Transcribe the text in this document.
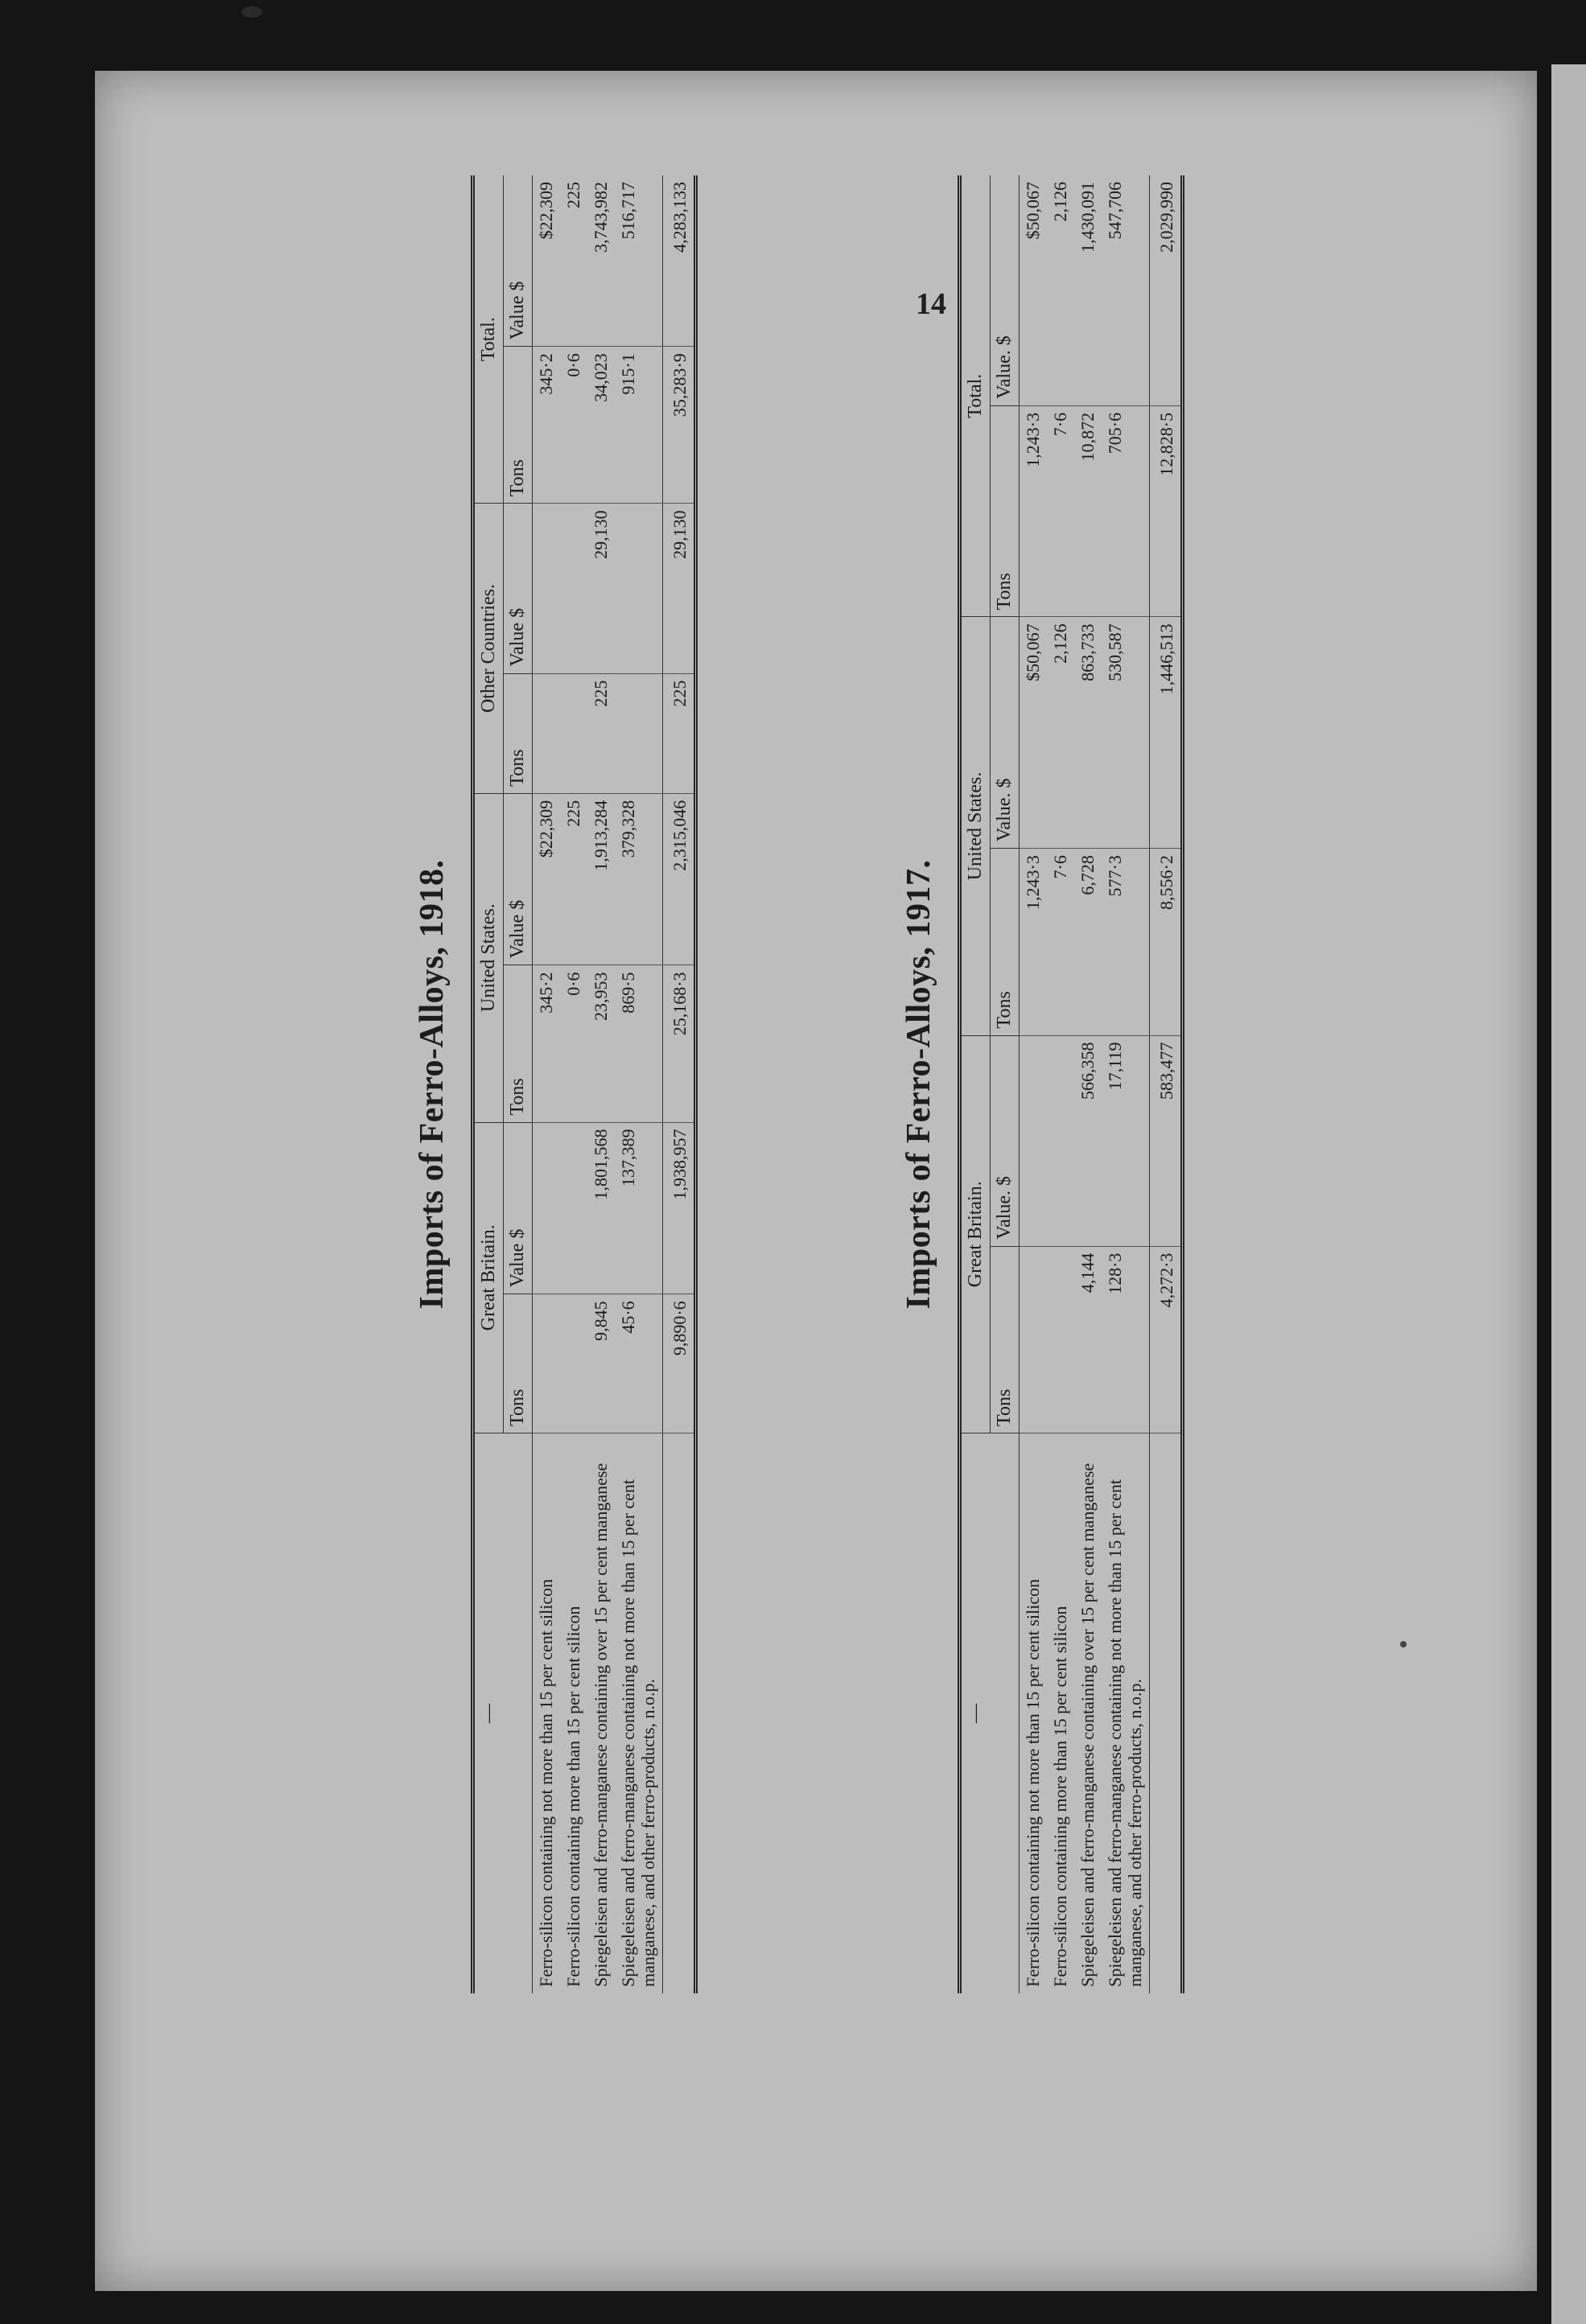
14
Imports of Ferro-Alloys, 1918.
—	Great Britain.		United States.		Other Countries.		Total.	
	Tons	Value $	Tons	Value $	Tons	Value $	Tons	Value $
Ferro-silicon containing not more than 15 per cent silicon			345·2	$22,309			345·2	$22,309
Ferro-silicon containing more than 15 per cent silicon			0·6	225			0·6	225
Spiegeleisen and ferro-manganese containing over 15 per cent manganese	9,845	1,801,568	23,953	1,913,284	225	29,130	34,023	3,743,982
Spiegeleisen and ferro-manganese containing not more than 15 per cent manganese, and other ferro-products, n.o.p.	45·6	137,389	869·5	379,328			915·1	516,717
	9,890·6	1,938,957	25,168·3	2,315,046	225	29,130	35,283·9	4,283,133
Imports of Ferro-Alloys, 1917.
—	Great Britain.		United States.		Total.	
	Tons	Value. $	Tons	Value. $	Tons	Value. $
Ferro-silicon containing not more than 15 per cent silicon			1,243·3	$50,067	1,243·3	$50,067
Ferro-silicon containing more than 15 per cent silicon			7·6	2,126	7·6	2,126
Spiegeleisen and ferro-manganese containing over 15 per cent manganese	4,144	566,358	6,728	863,733	10,872	1,430,091
Spiegeleisen and ferro-manganese containing not more than 15 per cent manganese, and other ferro-products, n.o.p.	128·3	17,119	577·3	530,587	705·6	547,706
	4,272·3	583,477	8,556·2	1,446,513	12,828·5	2,029,990
